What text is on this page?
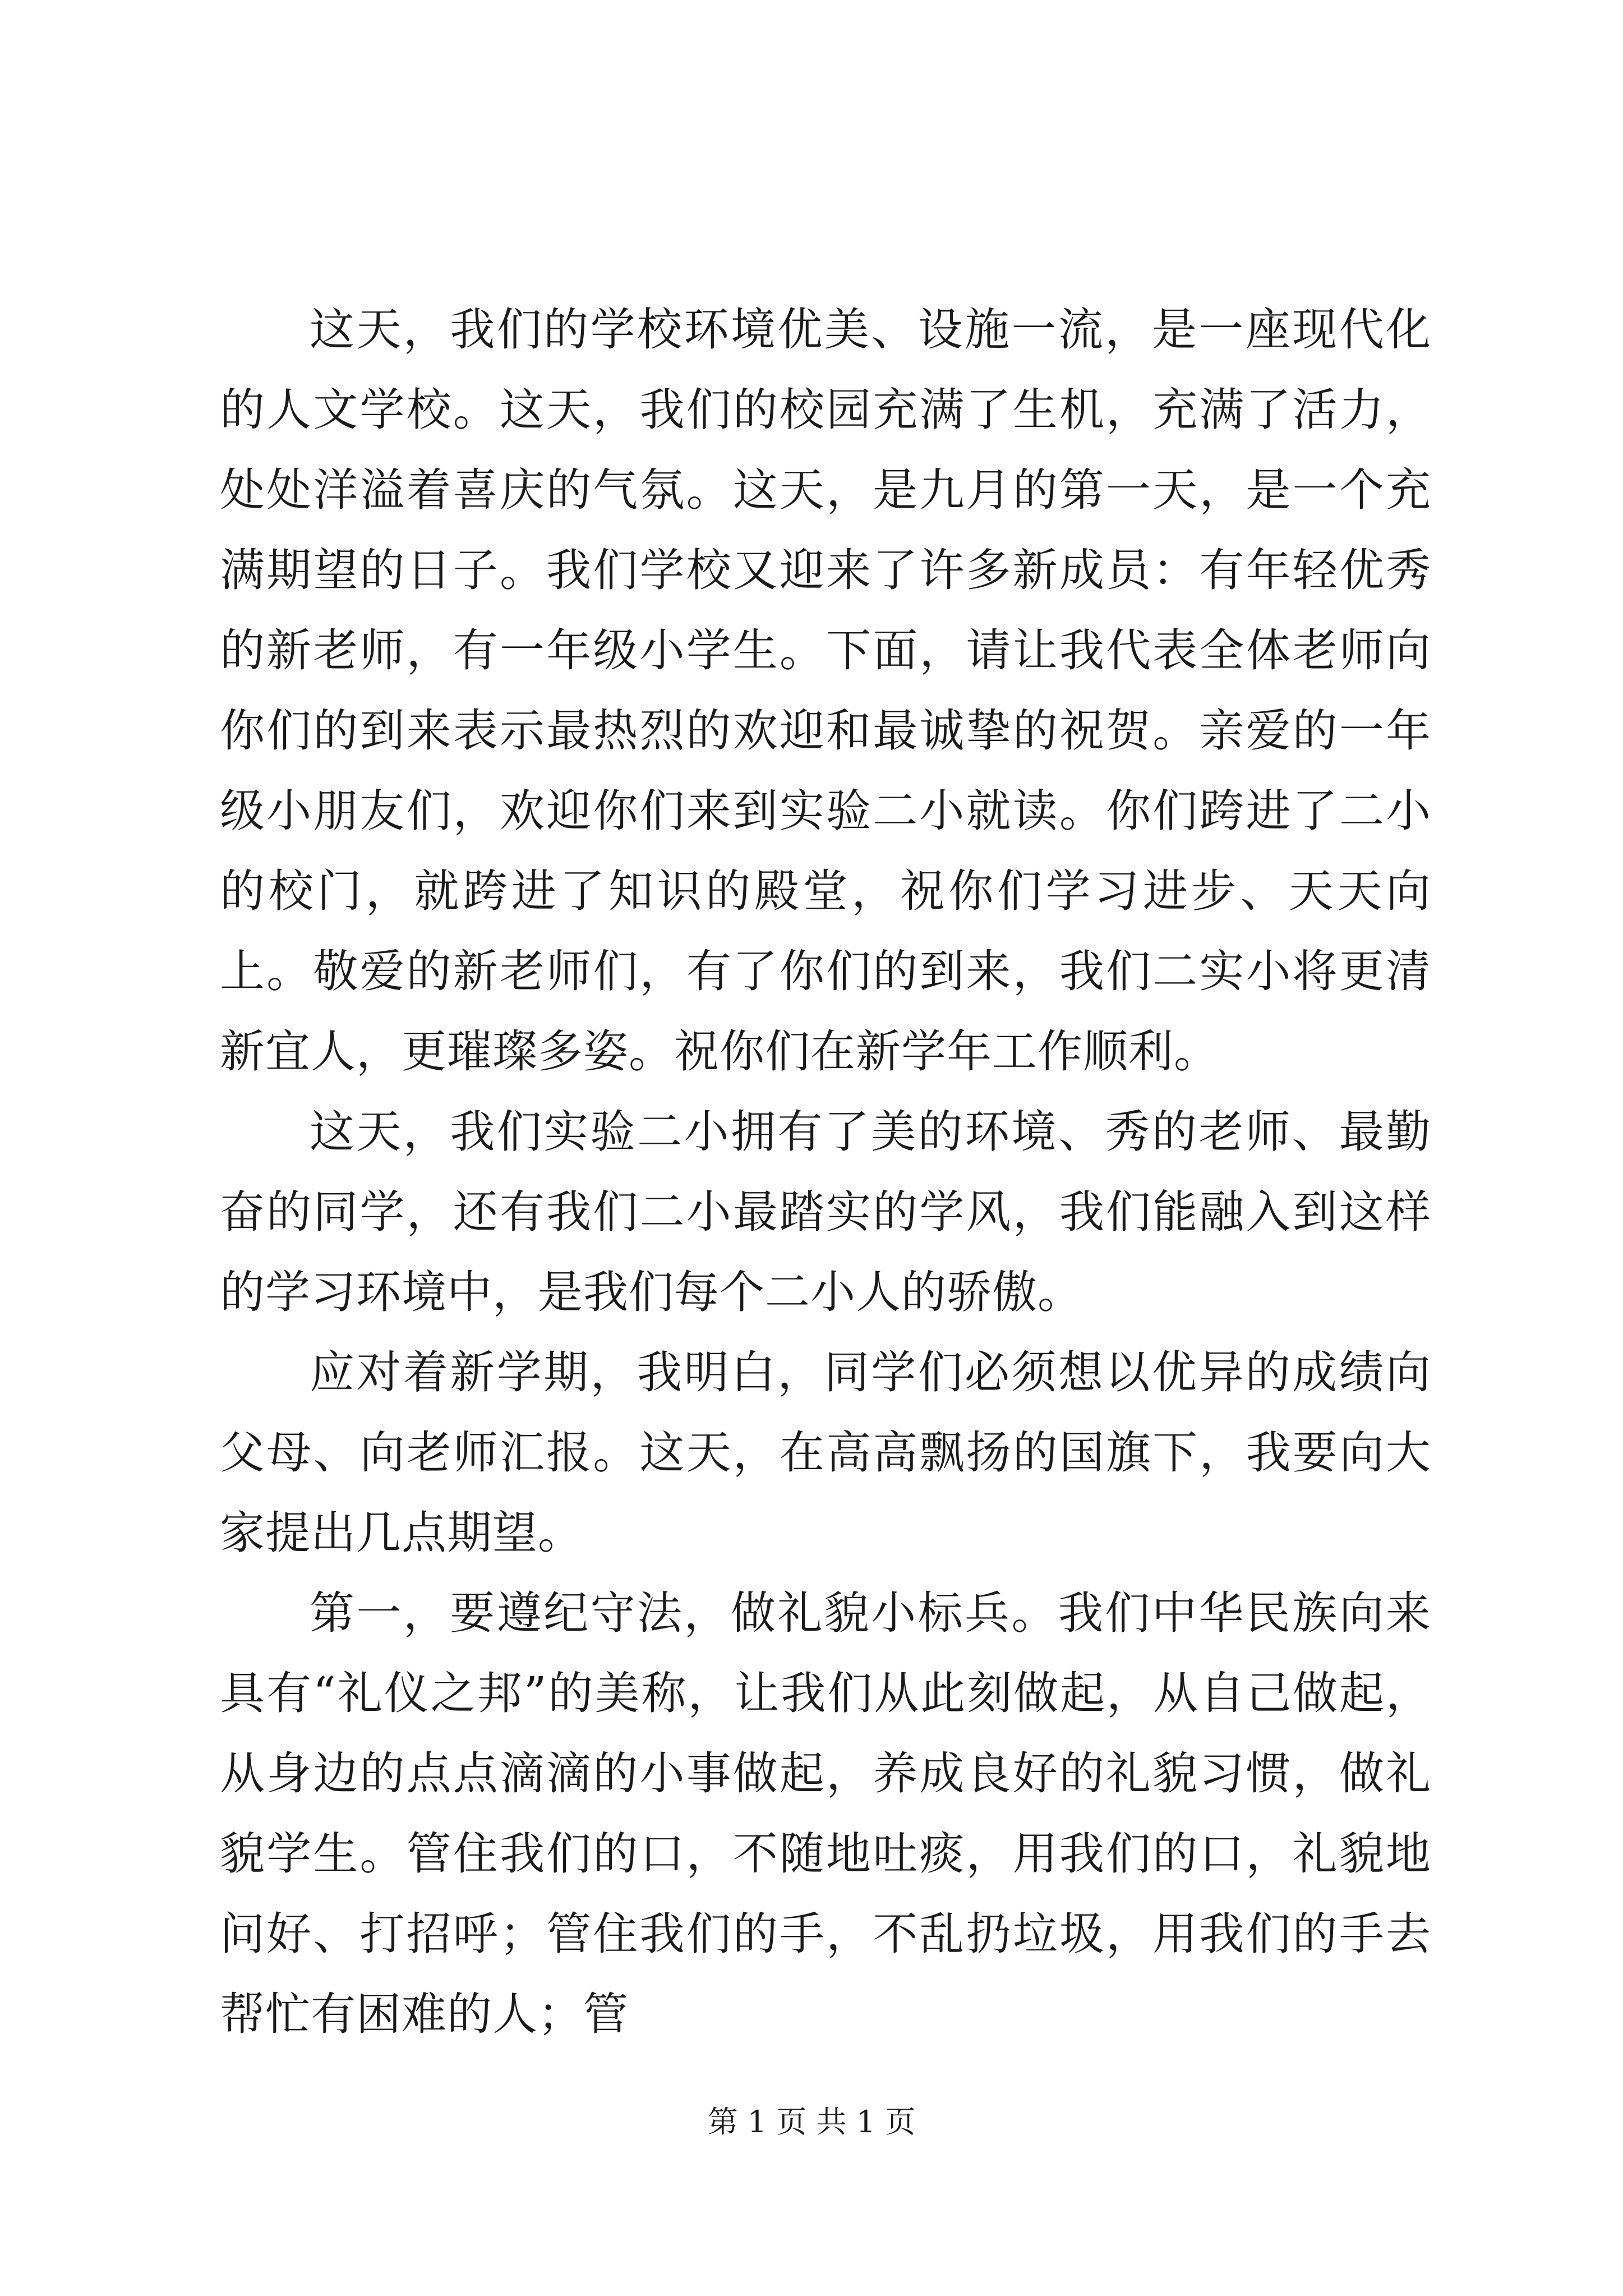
这天，我们的学校环境优美、设施一流，是一座现代化的人文学校。这天，我们的校园充满了生机，充满了活力，处处洋溢着喜庆的气氛。这天，是九月的第一天，是一个充满期望的日子。我们学校又迎来了许多新成员：有年轻优秀的新老师，有一年级小学生。下面，请让我代表全体老师向你们的到来表示最热烈的欢迎和最诚挚的祝贺。亲爱的一年级小朋友们，欢迎你们来到实验二小就读。你们跨进了二小的校门，就跨进了知识的殿堂，祝你们学习进步、天天向上。敬爱的新老师们，有了你们的到来，我们二实小将更清新宜人，更璀璨多姿。祝你们在新学年工作顺利。

这天，我们实验二小拥有了美的环境、秀的老师、最勤奋的同学，还有我们二小最踏实的学风，我们能融入到这样的学习环境中，是我们每个二小人的骄傲。

应对着新学期，我明白，同学们必须想以优异的成绩向父母、向老师汇报。这天，在高高飘扬的国旗下，我要向大家提出几点期望。

第一，要遵纪守法，做礼貌小标兵。我们中华民族向来具有“礼仪之邦”的美称，让我们从此刻做起，从自己做起，从身边的点点滴滴的小事做起，养成良好的礼貌习惯，做礼貌学生。管住我们的口，不随地吐痰，用我们的口，礼貌地问好、打招呼；管住我们的手，不乱扔垃圾，用我们的手去帮忙有困难的人；管

第 1 页 共 1 页
